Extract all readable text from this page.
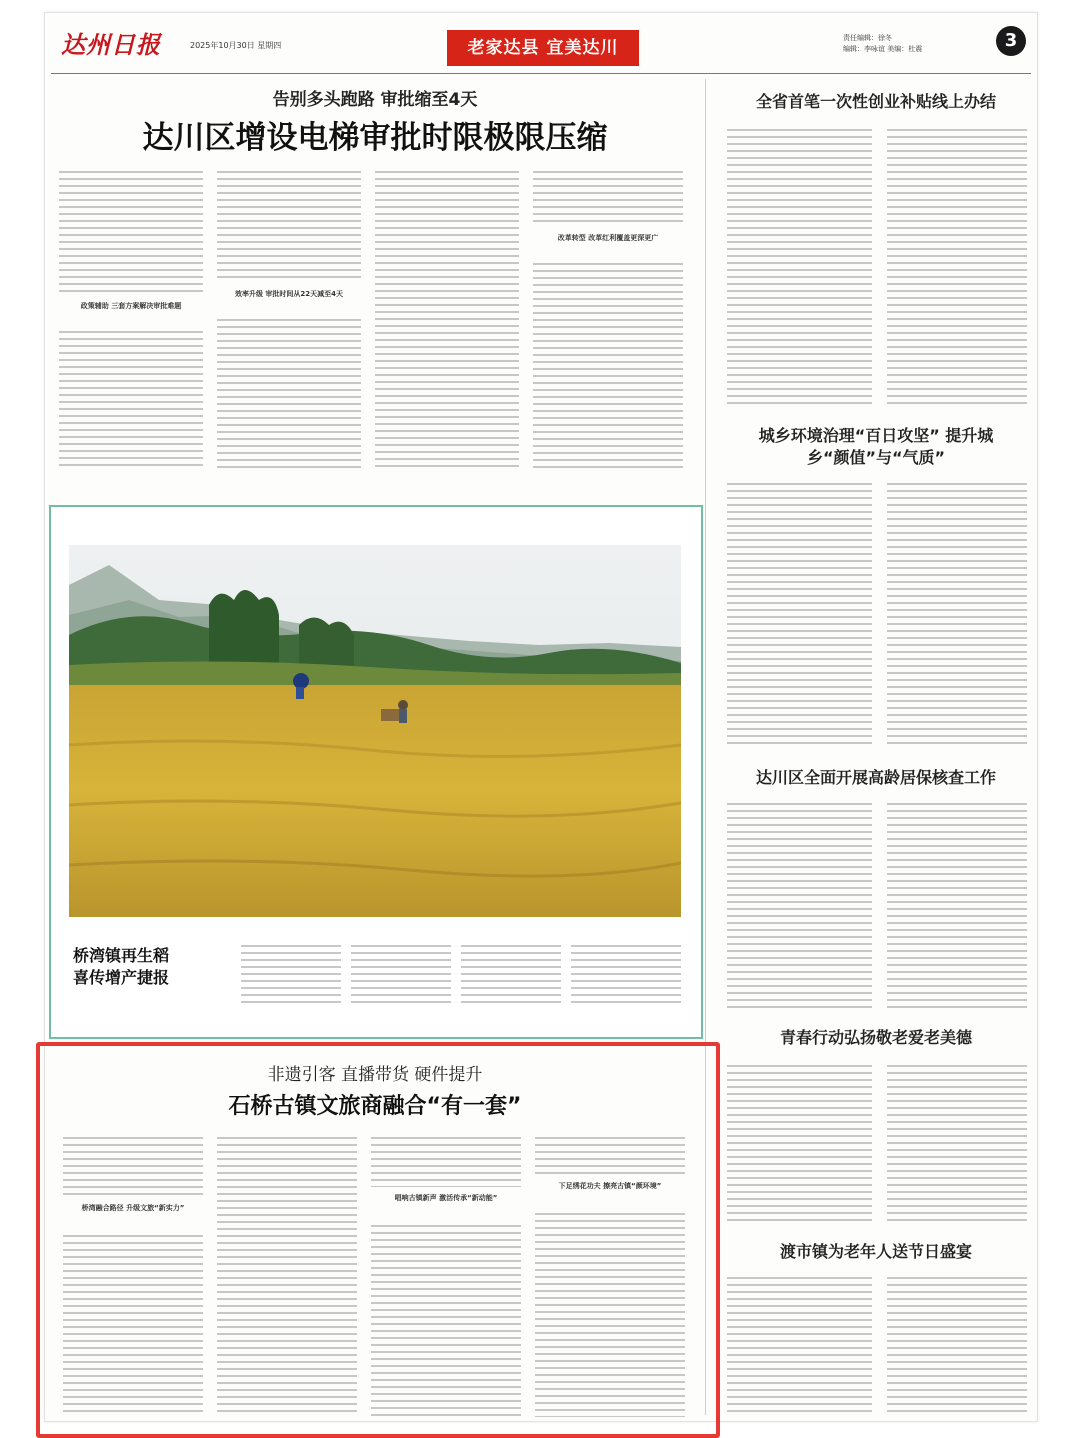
达州日报	2025年10月30日 星期四	老家达县 宜美达川	责任编辑：徐冬
编辑：李咏谊 美编：杜震	3
告别多头跑路 审批缩至4天
达川区增设电梯审批时限极限压缩
政策辅助 三套方案解决审批难题
效率升级 审批时间从22天减至4天
改革转型 改革红利覆盖更深更广
桥湾镇再生稻
喜传增产捷报
非遗引客 直播带货 硬件提升
石桥古镇文旅商融合“有一套”
桥湾融合路径 升级文旅“新实力”
唱响古镇新声 激活传承“新动能”
下足绣花功夫 擦亮古镇“颜环境”
全省首笔一次性创业补贴线上办结
城乡环境治理“百日攻坚” 提升城乡“颜值”与“气质”
达川区全面开展高龄居保核查工作
青春行动弘扬敬老爱老美德
渡市镇为老年人送节日盛宴
